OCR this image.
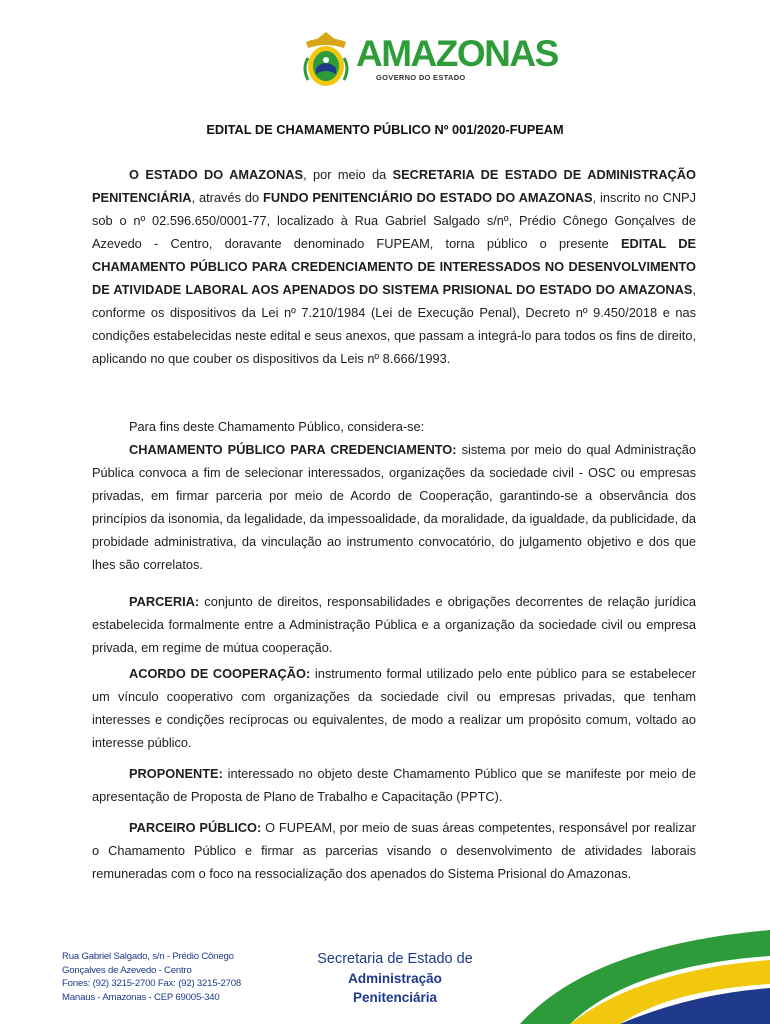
AMAZONAS
GOVERNO DO ESTADO
EDITAL DE CHAMAMENTO PÚBLICO Nº 001/2020-FUPEAM

O ESTADO DO AMAZONAS, por meio da SECRETARIA DE ESTADO DE ADMINISTRAÇÃO PENITENCIÁRIA, através do FUNDO PENITENCIÁRIO DO ESTADO DO AMAZONAS, inscrito no CNPJ sob o nº 02.596.650/0001-77, localizado à Rua Gabriel Salgado s/nº, Prédio Cônego Gonçalves de Azevedo - Centro, doravante denominado FUPEAM, torna público o presente EDITAL DE CHAMAMENTO PÚBLICO PARA CREDENCIAMENTO DE INTERESSADOS NO DESENVOLVIMENTO DE ATIVIDADE LABORAL AOS APENADOS DO SISTEMA PRISIONAL DO ESTADO DO AMAZONAS, conforme os dispositivos da Lei nº 7.210/1984 (Lei de Execução Penal), Decreto nº 9.450/2018 e nas condições estabelecidas neste edital e seus anexos, que passam a integrá-lo para todos os fins de direito, aplicando no que couber os dispositivos da Leis nº 8.666/1993.

Para fins deste Chamamento Público, considera-se:

CHAMAMENTO PÚBLICO PARA CREDENCIAMENTO: sistema por meio do qual Administração Pública convoca a fim de selecionar interessados, organizações da sociedade civil - OSC ou empresas privadas, em firmar parceria por meio de Acordo de Cooperação, garantindo-se a observância dos princípios da isonomia, da legalidade, da impessoalidade, da moralidade, da igualdade, da publicidade, da probidade administrativa, da vinculação ao instrumento convocatório, do julgamento objetivo e dos que lhes são correlatos.

PARCERIA: conjunto de direitos, responsabilidades e obrigações decorrentes de relação jurídica estabelecida formalmente entre a Administração Pública e a organização da sociedade civil ou empresa privada, em regime de mútua cooperação.

ACORDO DE COOPERAÇÃO: instrumento formal utilizado pelo ente público para se estabelecer um vínculo cooperativo com organizações da sociedade civil ou empresas privadas, que tenham interesses e condições recíprocas ou equivalentes, de modo a realizar um propósito comum, voltado ao interesse público.

PROPONENTE: interessado no objeto deste Chamamento Público que se manifeste por meio de apresentação de Proposta de Plano de Trabalho e Capacitação (PPTC).

PARCEIRO PÚBLICO: O FUPEAM, por meio de suas áreas competentes, responsável por realizar o Chamamento Público e firmar as parcerias visando o desenvolvimento de atividades laborais remuneradas com o foco na ressocialização dos apenados do Sistema Prisional do Amazonas.

Rua Gabriel Salgado, s/n - Prédio Cônego
Gonçalves de Azevedo - Centro
Fones: (92) 3215-2700 Fax: (92) 3215-2708
Manaus - Amazonas - CEP 69005-340
Secretaria de Estado de
Administração
Penitenciária
